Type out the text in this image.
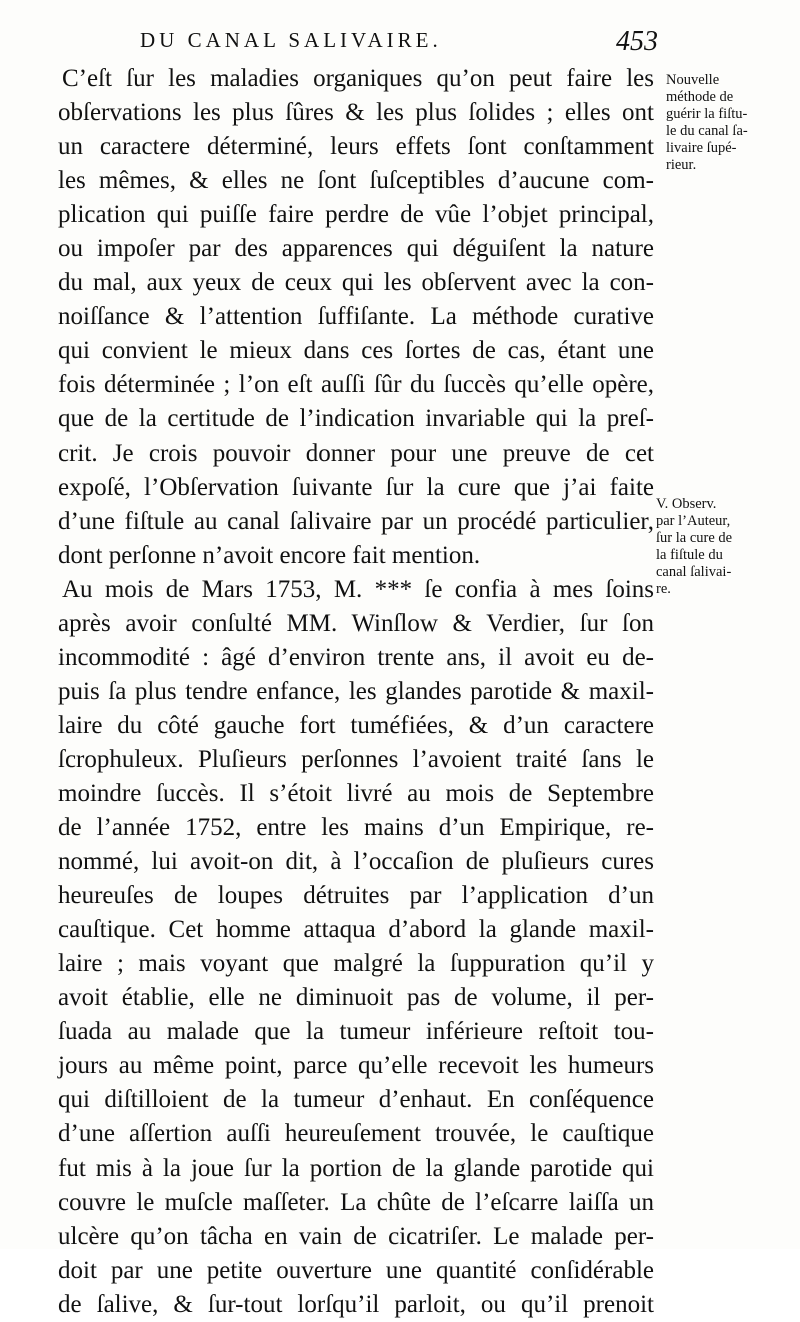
DU CANAL SALIVAIRE.	453
C’eſt ſur les maladies organiques qu’on peut faire les
obſervations les plus ſûres & les plus ſolides ; elles ont
un caractere déterminé, leurs effets ſont conſtamment
les mêmes, & elles ne ſont ſuſceptibles d’aucune com-
plication qui puiſſe faire perdre de vûe l’objet principal,
ou impoſer par des apparences qui déguiſent la nature
du mal, aux yeux de ceux qui les obſervent avec la con-
noiſſance & l’attention ſuffiſante. La méthode curative
qui convient le mieux dans ces ſortes de cas, étant une
fois déterminée ; l’on eſt auſſi ſûr du ſuccès qu’elle opère,
que de la certitude de l’indication invariable qui la preſ-
crit. Je crois pouvoir donner pour une preuve de cet
expoſé, l’Obſervation ſuivante ſur la cure que j’ai faite
d’une fiſtule au canal ſalivaire par un procédé particulier,
dont perſonne n’avoit encore fait mention.
Au mois de Mars 1753, M. *** ſe confia à mes ſoins
après avoir conſulté MM. Winſlow & Verdier, ſur ſon
incommodité : âgé d’environ trente ans, il avoit eu de-
puis ſa plus tendre enfance, les glandes parotide & maxil-
laire du côté gauche fort tuméfiées, & d’un caractere
ſcrophuleux. Pluſieurs perſonnes l’avoient traité ſans le
moindre ſuccès. Il s’étoit livré au mois de Septembre
de l’année 1752, entre les mains d’un Empirique, re-
nommé, lui avoit-on dit, à l’occaſion de pluſieurs cures
heureuſes de loupes détruites par l’application d’un
cauſtique. Cet homme attaqua d’abord la glande maxil-
laire ; mais voyant que malgré la ſuppuration qu’il y
avoit établie, elle ne diminuoit pas de volume, il per-
ſuada au malade que la tumeur inférieure reſtoit tou-
jours au même point, parce qu’elle recevoit les humeurs
qui diſtilloient de la tumeur d’enhaut. En conſéquence
d’une aſſertion auſſi heureuſement trouvée, le cauſtique
fut mis à la joue ſur la portion de la glande parotide qui
couvre le muſcle maſſeter. La chûte de l’eſcarre laiſſa un
ulcère qu’on tâcha en vain de cicatriſer. Le malade per-
doit par une petite ouverture une quantité conſidérable
de ſalive, & ſur-tout lorſqu’il parloit, ou qu’il prenoit
Nouvelle
méthode de
guérir la fiſtu-
le du canal ſa-
livaire ſupé-
rieur.
V. Observ.
par l’Auteur,
ſur la cure de
la fiſtule du
canal ſalivai-
re.
